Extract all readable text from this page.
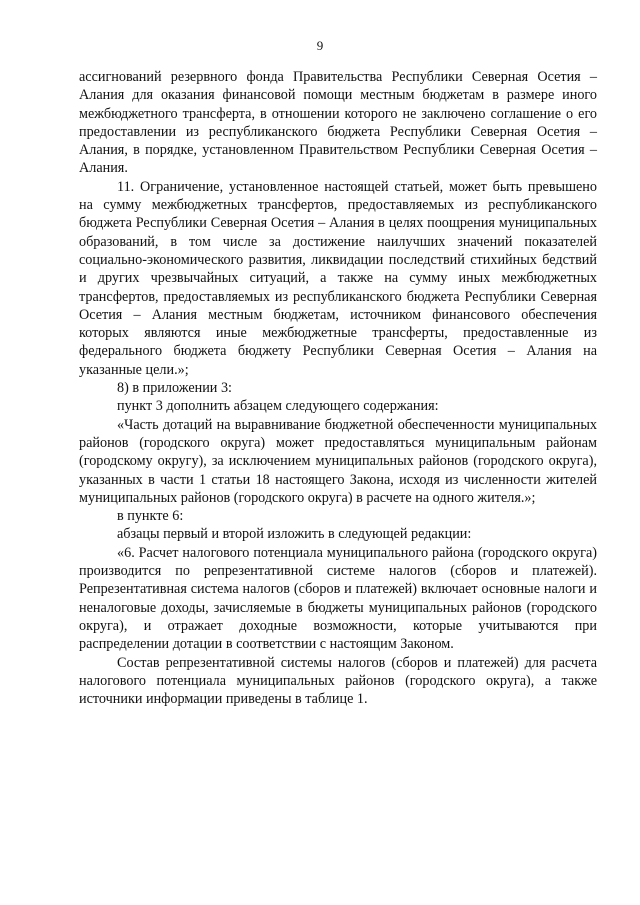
9

ассигнований резервного фонда Правительства Республики Северная Осетия – Алания для оказания финансовой помощи местным бюджетам в размере иного межбюджетного трансферта, в отношении которого не заключено соглашение о его предоставлении из республиканского бюджета Республики Северная Осетия – Алания, в порядке, установленном Правительством Республики Северная Осетия – Алания.

11. Ограничение, установленное настоящей статьей, может быть превышено на сумму межбюджетных трансфертов, предоставляемых из республиканского бюджета Республики Северная Осетия – Алания в целях поощрения муниципальных образований, в том числе за достижение наилучших значений показателей социально-экономического развития, ликвидации последствий стихийных бедствий и других чрезвычайных ситуаций, а также на сумму иных межбюджетных трансфертов, предоставляемых из республиканского бюджета Республики Северная Осетия – Алания местным бюджетам, источником финансового обеспечения которых являются иные межбюджетные трансферты, предоставленные из федерального бюджета бюджету Республики Северная Осетия – Алания на указанные цели.»;

8) в приложении 3:

пункт 3 дополнить абзацем следующего содержания:

«Часть дотаций на выравнивание бюджетной обеспеченности муниципальных районов (городского округа) может предоставляться муниципальным районам (городскому округу), за исключением муниципальных районов (городского округа), указанных в части 1 статьи 18 настоящего Закона, исходя из численности жителей муниципальных районов (городского округа) в расчете на одного жителя.»;

в пункте 6:

абзацы первый и второй изложить в следующей редакции:

«6. Расчет налогового потенциала муниципального района (городского округа) производится по репрезентативной системе налогов (сборов и платежей). Репрезентативная система налогов (сборов и платежей) включает основные налоги и неналоговые доходы, зачисляемые в бюджеты муниципальных районов (городского округа), и отражает доходные возможности, которые учитываются при распределении дотации в соответствии с настоящим Законом.

Состав репрезентативной системы налогов (сборов и платежей) для расчета налогового потенциала муниципальных районов (городского округа), а также источники информации приведены в таблице 1.
